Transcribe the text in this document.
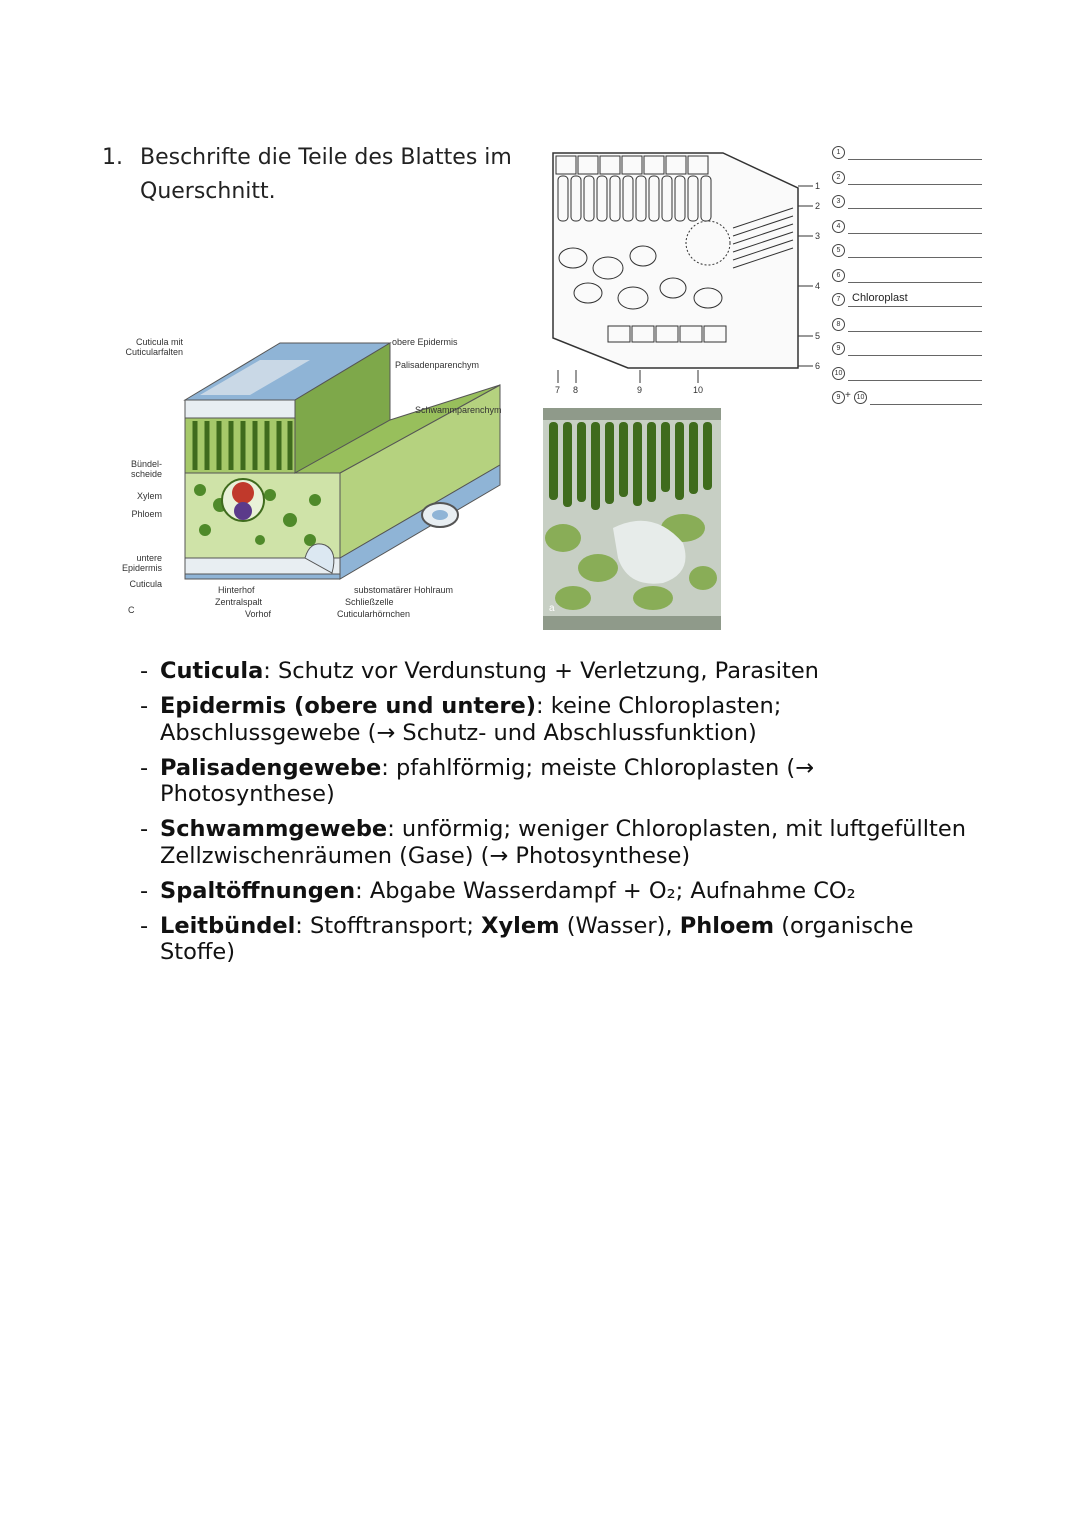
1. Beschrifte die Teile des Blattes im Querschnitt.
Cuticula mit Cuticularfalten
obere Epidermis
Palisadenparenchym
Schwammparenchym
Bündel-scheide
Xylem
Phloem
untere Epidermis
Cuticula
C
Hinterhof
Zentralspalt
Vorhof
substomatärer Hohlraum
Schließzelle
Cuticularhörnchen
1
2
3
4
5
6
7 8	9	10
1
2
3
4
5
6
7	Chloroplast
8
9
10
9 + 10
a
- Cuticula: Schutz vor Verdunstung + Verletzung, Parasiten
- Epidermis (obere und untere): keine Chloroplasten; Abschlussgewebe (→ Schutz- und Abschlussfunktion)
- Palisadengewebe: pfahlförmig; meiste Chloroplasten (→ Photosynthese)
- Schwammgewebe: unförmig; weniger Chloroplasten, mit luftgefüllten Zellzwischenräumen (Gase) (→ Photosynthese)
- Spaltöffnungen: Abgabe Wasserdampf + O₂; Aufnahme CO₂
- Leitbündel: Stofftransport; Xylem (Wasser), Phloem (organische Stoffe)
